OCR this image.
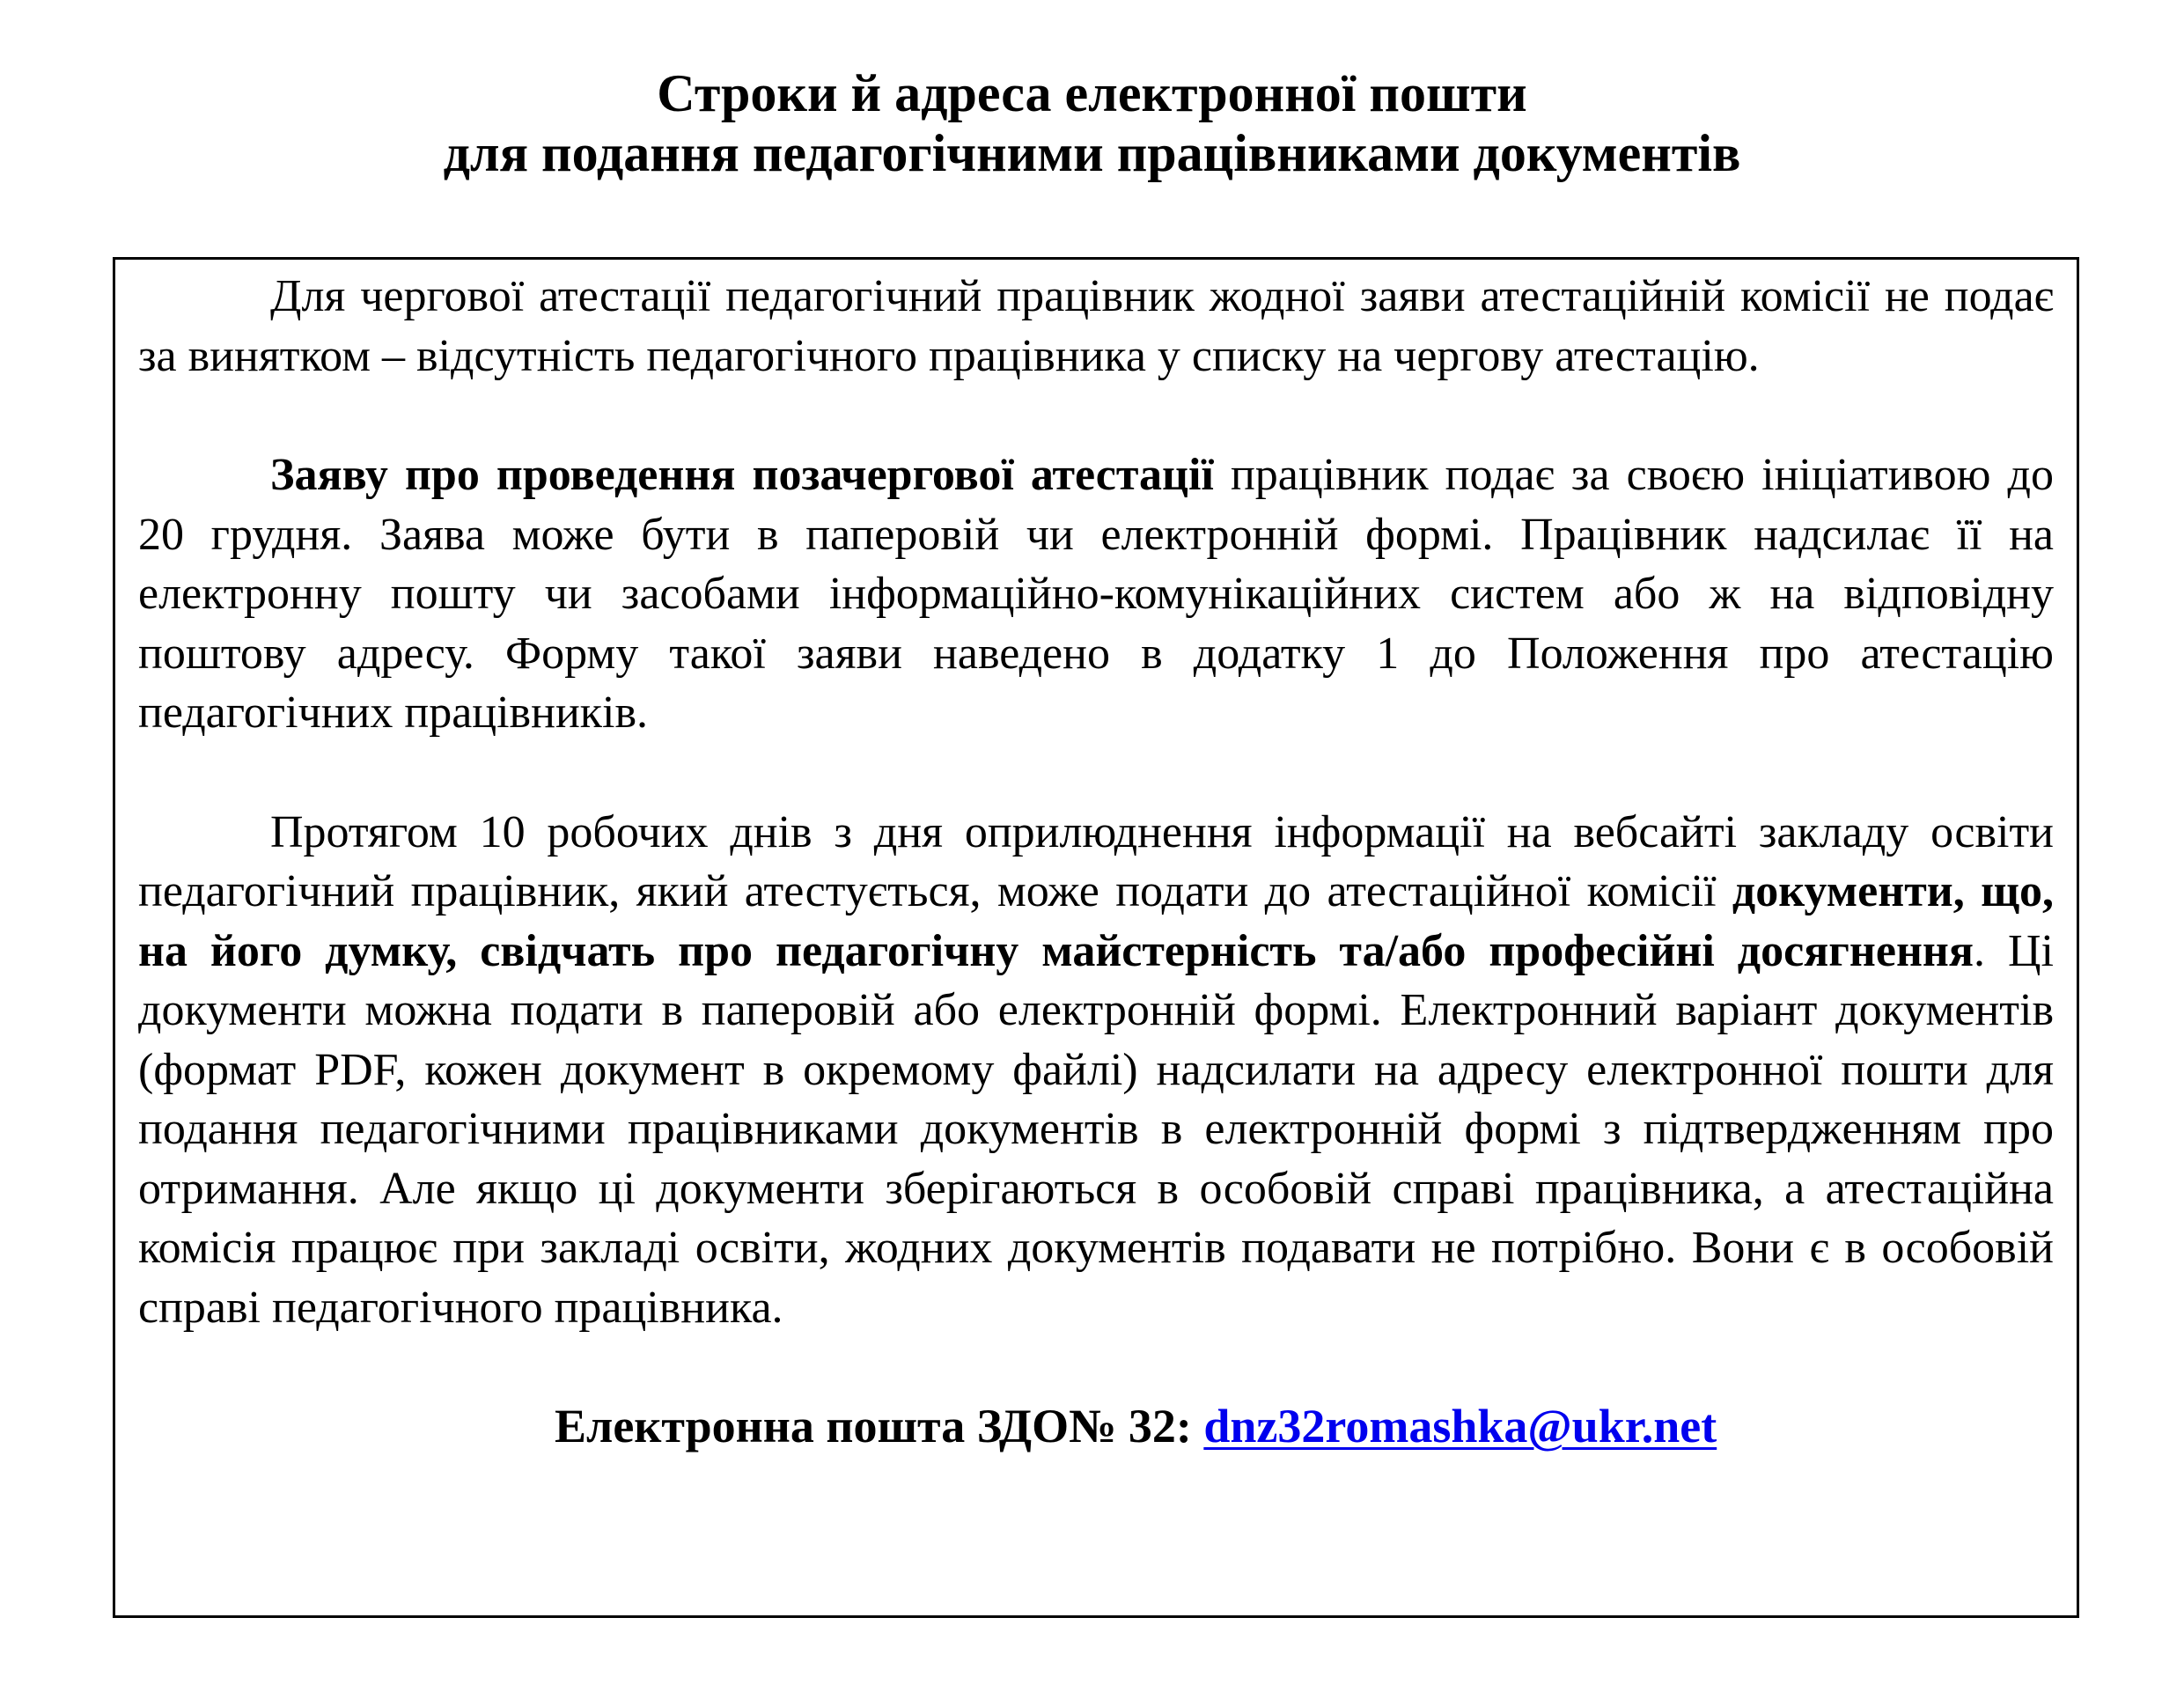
Строки й адреса електронної пошти
для подання педагогічними працівниками документів

Для чергової атестації педагогічний працівник жодної заяви атестаційній комісії не подає за винятком – відсутність педагогічного працівника у списку на чергову атестацію.

Заяву про проведення позачергової атестації працівник подає за своєю ініціативою до 20 грудня. Заява може бути в паперовій чи електронній формі. Працівник надсилає її на електронну пошту чи засобами інформаційно-комунікаційних систем або ж на відповідну поштову адресу. Форму такої заяви наведено в додатку 1 до Положення про атестацію педагогічних працівників.

Протягом 10 робочих днів з дня оприлюднення інформації на вебсайті закладу освіти педагогічний працівник, який атестується, може подати до атестаційної комісії документи, що, на його думку, свідчать про педагогічну майстерність та/або професійні досягнення. Ці документи можна подати в паперовій або електронній формі. Електронний варіант документів (формат PDF, кожен документ в окремому файлі) надсилати на адресу електронної пошти для подання педагогічними працівниками документів в електронній формі з підтвердженням про отримання. Але якщо ці документи зберігаються в особовій справі працівника, а атестаційна комісія працює при закладі освіти, жодних документів подавати не потрібно. Вони є в особовій справі педагогічного працівника.

Електронна пошта ЗДО№ 32: dnz32romashka@ukr.net
